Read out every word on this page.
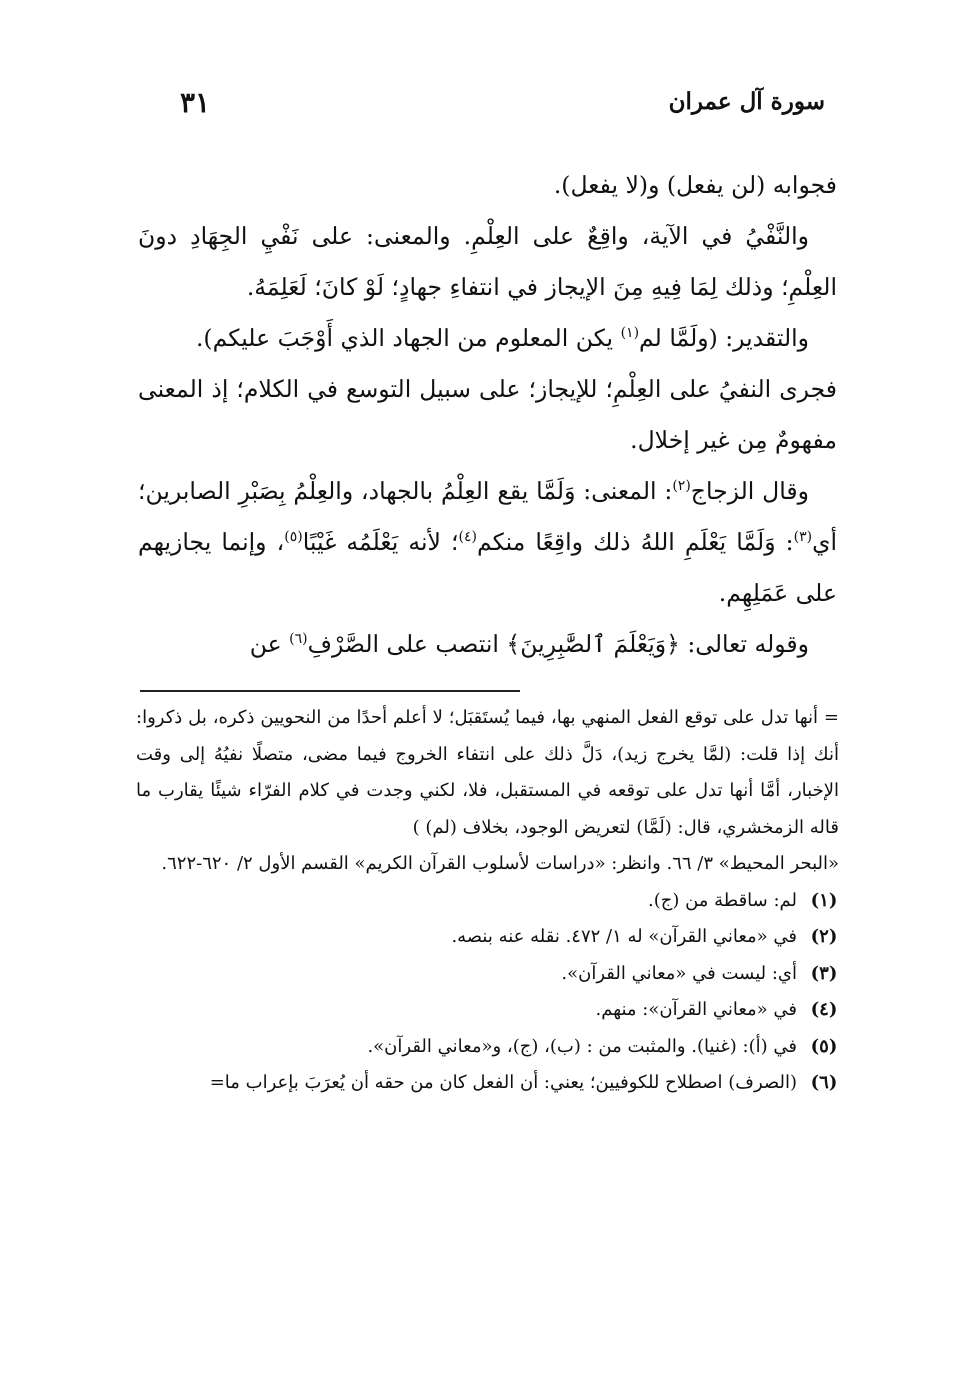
سورة آل عمران
٣١

فجوابه (لن يفعل) و(لا يفعل).

والنَّفْيُ في الآية، واقِعٌ على العِلْمِ. والمعنى: على نَفْيِ الجِهَادِ دونَ العِلْمِ؛ وذلك لِمَا فِيهِ مِنَ الإيجاز في انتفاءِ جهادٍ؛ لَوْ كانَ؛ لَعَلِمَهُ.

والتقدير: (ولَمَّا لم$^{(١)}$ يكن المعلوم من الجهاد الذي أَوْجَبَ عليكم).

فجرى النفيُ على العِلْمِ؛ للإيجاز؛ على سبيل التوسع في الكلام؛ إذ المعنى مفهومٌ مِن غير إخلال.

وقال الزجاج$^{(٢)}$: المعنى: وَلَمَّا يقع العِلْمُ بالجهاد، والعِلْمُ بِصَبْرِ الصابرين؛ أي$^{(٣)}$: وَلَمَّا يَعْلَمِ اللهُ ذلك واقِعًا منكم$^{(٤)}$؛ لأنه يَعْلَمُه غَيْبًا$^{(٥)}$، وإنما يجازيهم على عَمَلِهِم.

وقوله تعالى: ﴿وَيَعْلَمَ ٱلصَّٰبِرِينَ﴾ انتصب على الصَّرْفِ$^{(٦)}$ عن

= أنها تدل على توقع الفعل المنهي بها، فيما يُستَقبَل؛ لا أعلم أحدًا من النحويين ذكره، بل ذكروا: أنك إذا قلت: (لمَّا يخرج زيد)، دَلَّ ذلك على انتفاء الخروج فيما مضى، متصلًا نفيُهُ إلى وقت الإخبار، أمَّا أنها تدل على توقعه في المستقبل، فلا، لكني وجدت في كلام الفرّاء شيئًا يقارب ما قاله الزمخشري، قال: (لَمَّا) لتعريض الوجود، بخلاف (لم) )

«البحر المحيط» ٣/ ٦٦. وانظر: «دراسات لأسلوب القرآن الكريم» القسم الأول ٢/ ٦٢٠-٦٢٢.

(١)
لم: ساقطة من (ج).
(٢)
في «معاني القرآن» له ١/ ٤٧٢. نقله عنه بنصه.
(٣)
أي: ليست في «معاني القرآن».
(٤)
في «معاني القرآن»: منهم.
(٥)
في (أ): (غنيا). والمثبت من : (ب)، (ج)، و«معاني القرآن».
(٦)
(الصرف) اصطلاح للكوفيين؛ يعني: أن الفعل كان من حقه أن يُعرَبَ بإعراب ما=
